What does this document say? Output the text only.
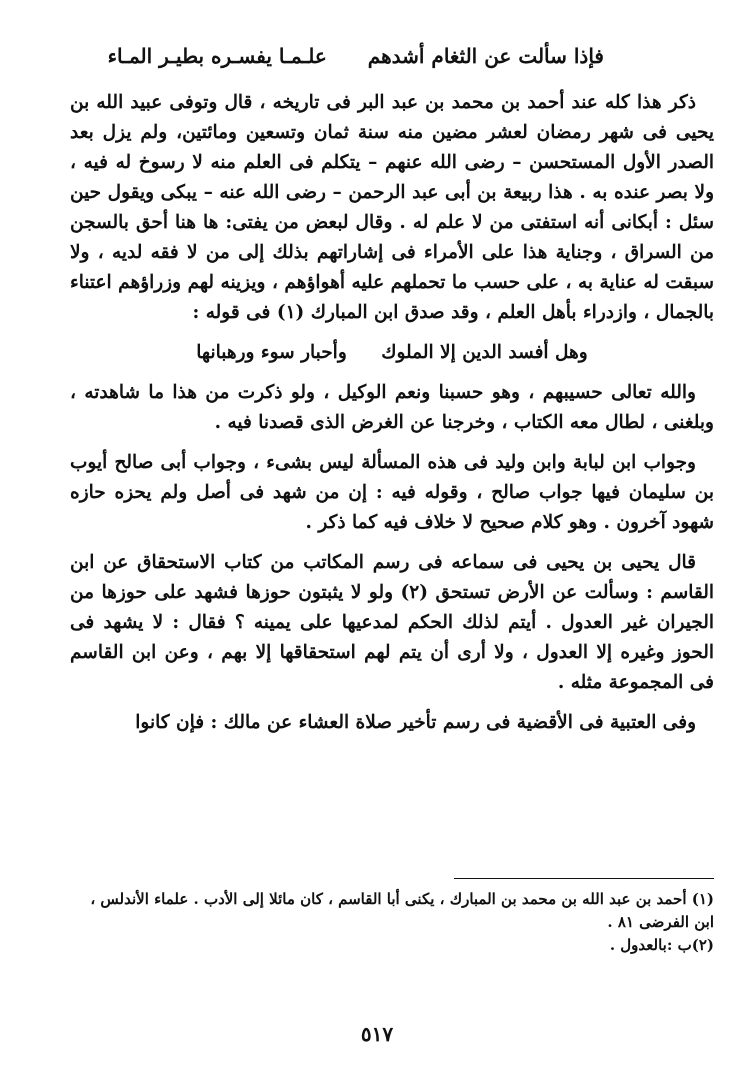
فإذا سألت عن الثغام أشدهم علـمـا يفسـره بطيـر المـاء

ذكر هذا كله عند أحمد بن محمد بن عبد البر فى تاريخه ، قال وتوفى عبيد الله بن يحيى فى شهر رمضان لعشر مضين منه سنة ثمان وتسعين ومائتين، ولم يزل بعد الصدر الأول المستحسن – رضى الله عنهم – يتكلم فى العلم منه لا رسوخ له فيه ، ولا بصر عنده به . هذا ربيعة بن أبى عبد الرحمن – رضى الله عنه – يبكى ويقول حين سئل : أبكانى أنه استفتى من لا علم له . وقال لبعض من يفتى: ها هنا أحق بالسجن من السراق ، وجناية هذا على الأمراء فى إشاراتهم بذلك إلى من لا فقه لديه ، ولا سبقت له عناية به ، على حسب ما تحملهم عليه أهواؤهم ، ويزينه لهم وزراؤهم اعتناء بالجمال ، وازدراء بأهل العلم ، وقد صدق ابن المبارك (١) فى قوله :

وهل أفسد الدين إلا الملوك وأحبار سوء ورهبانها

والله تعالى حسيبهم ، وهو حسبنا ونعم الوكيل ، ولو ذكرت من هذا ما شاهدته ، وبلغنى ، لطال معه الكتاب ، وخرجنا عن الغرض الذى قصدنا فيه .

وجواب ابن لبابة وابن وليد فى هذه المسألة ليس بشىء ، وجواب أبى صالح أيوب بن سليمان فيها جواب صالح ، وقوله فيه : إن من شهد فى أصل ولم يحزه حازه شهود آخرون . وهو كلام صحيح لا خلاف فيه كما ذكر .

قال يحيى بن يحيى فى سماعه فى رسم المكاتب من كتاب الاستحقاق عن ابن القاسم : وسألت عن الأرض تستحق (٢) ولو لا يثبتون حوزها فشهد على حوزها من الجيران غير العدول . أيتم لذلك الحكم لمدعيها على يمينه ؟ فقال : لا يشهد فى الحوز وغيره إلا العدول ، ولا أرى أن يتم لهم استحقاقها إلا بهم ، وعن ابن القاسم فى المجموعة مثله .

وفى العتبية فى الأقضية فى رسم تأخير صلاة العشاء عن مالك : فإن كانوا

(١) أحمد بن عبد الله بن محمد بن المبارك ، يكنى أبا القاسم ، كان مائلا إلى الأدب . علماء الأندلس ، ابن الفرضى ٨١ .

(٢)ب :بالعدول .

٥١٧
